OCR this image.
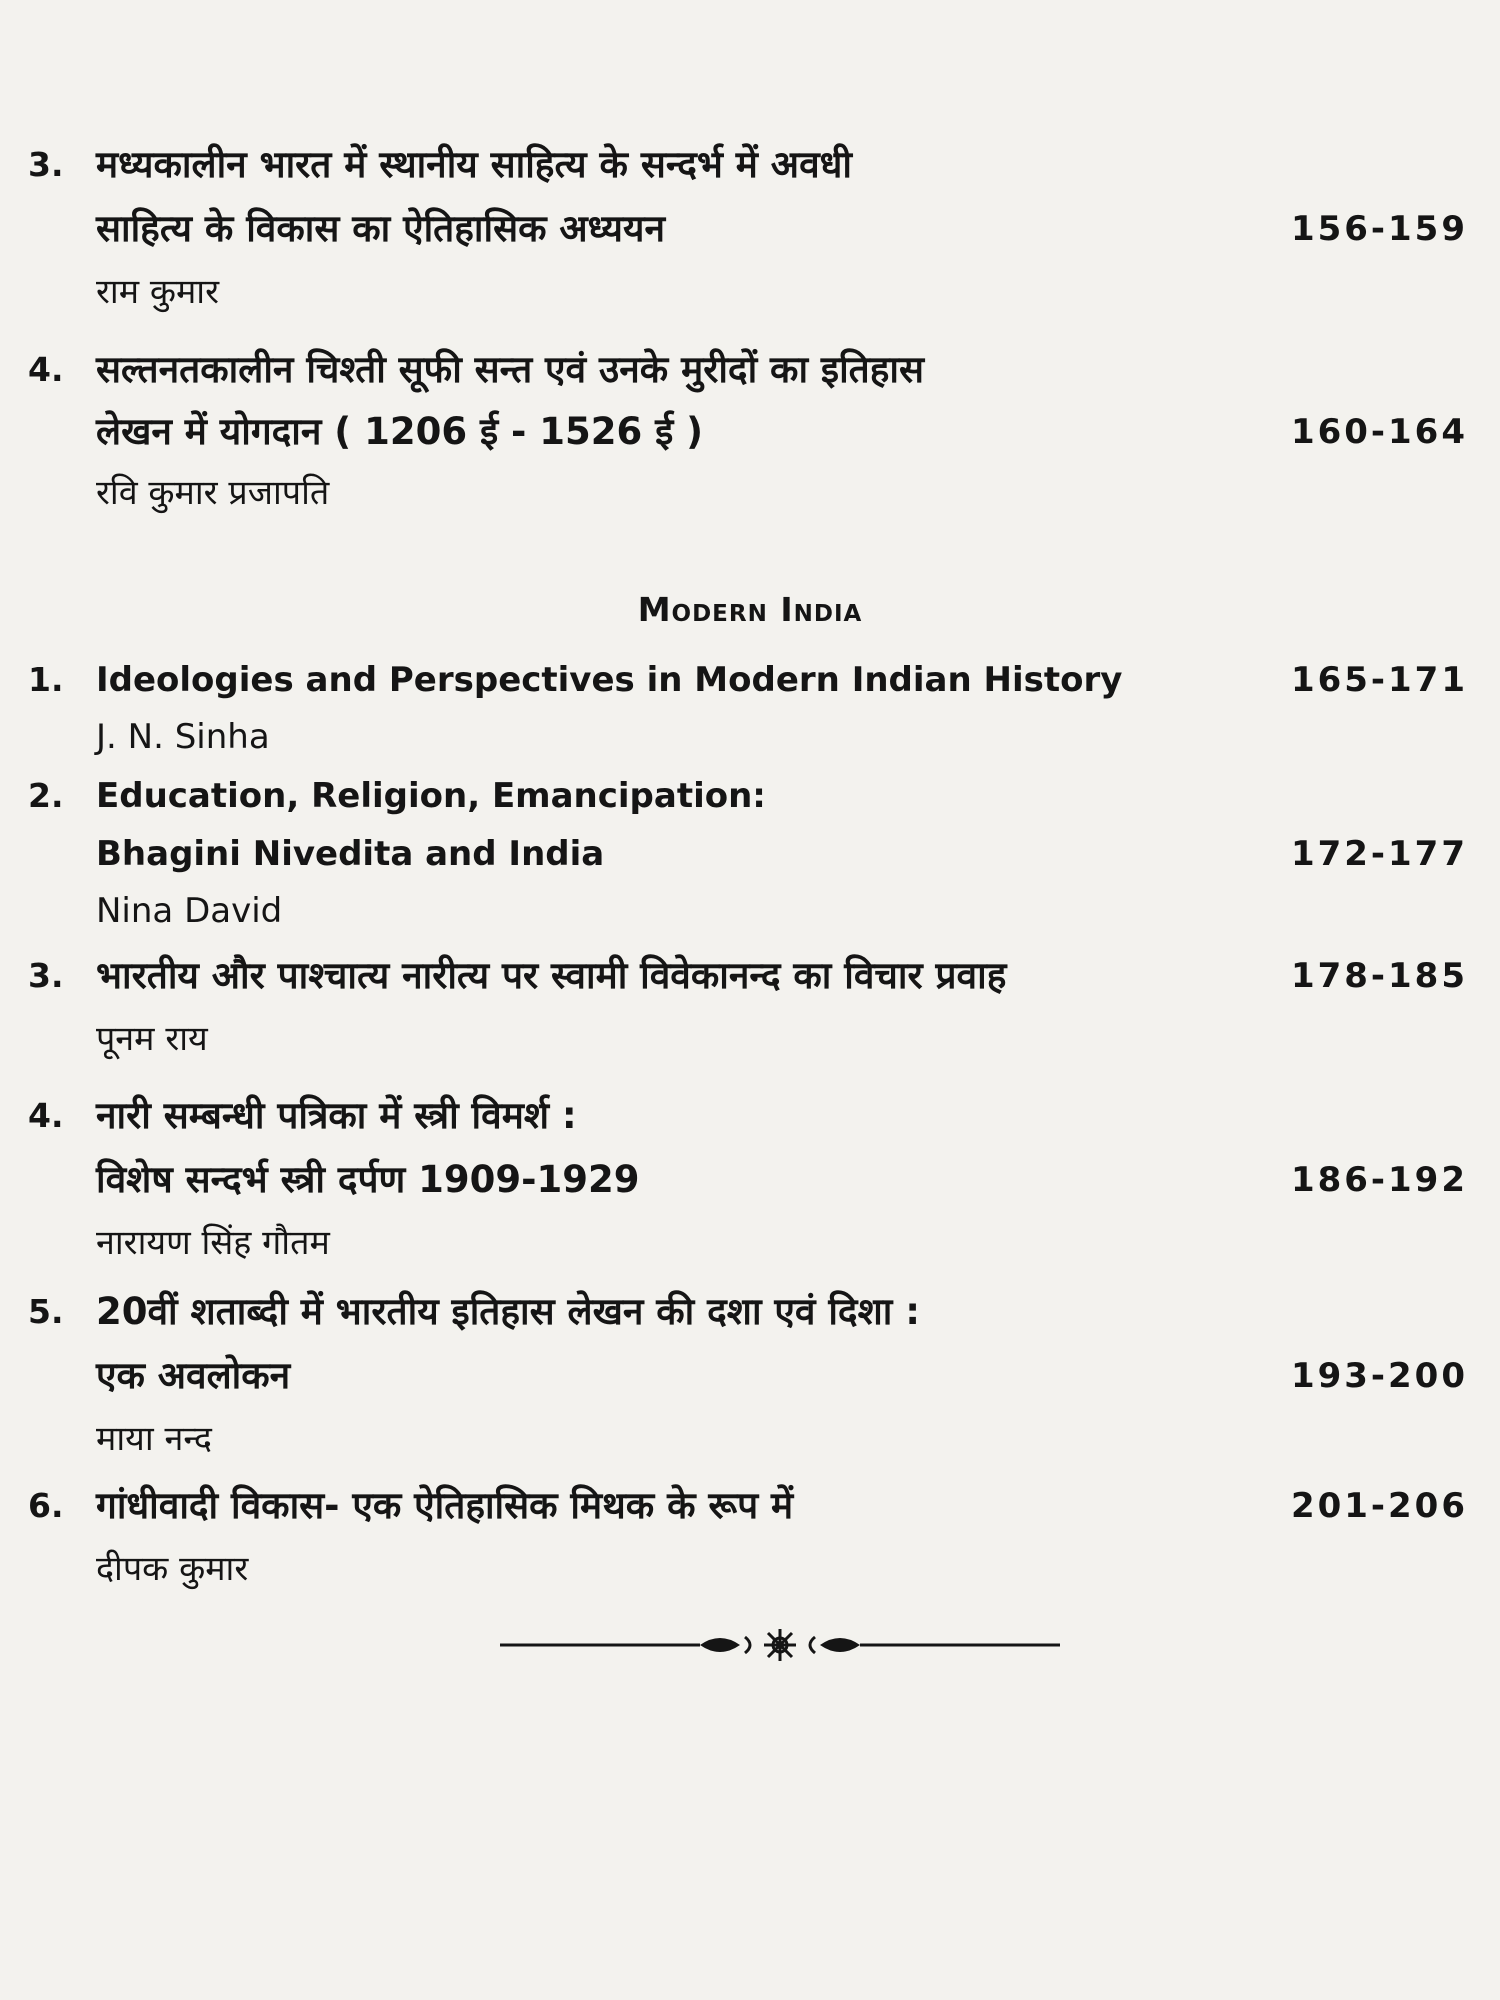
3. मध्यकालीन भारत में स्थानीय साहित्य के सन्दर्भ में अवधी
साहित्य के विकास का ऐतिहासिक अध्ययन	156-159
राम कुमार
4. सल्तनतकालीन चिश्ती सूफी सन्त एवं उनके मुरीदों का इतिहास
लेखन में योगदान ( 1206 ई - 1526 ई )	160-164
रवि कुमार प्रजापति
Modern India
1. Ideologies and Perspectives in Modern Indian History	165-171
J. N. Sinha
2. Education, Religion, Emancipation:
Bhagini Nivedita and India	172-177
Nina David
3. भारतीय और पाश्चात्य नारीत्य पर स्वामी विवेकानन्द का विचार प्रवाह	178-185
पूनम राय
4. नारी सम्बन्धी पत्रिका में स्त्री विमर्श :
विशेष सन्दर्भ स्त्री दर्पण 1909-1929	186-192
नारायण सिंह गौतम
5. 20वीं शताब्दी में भारतीय इतिहास लेखन की दशा एवं दिशा :
एक अवलोकन	193-200
माया नन्द
6. गांधीवादी विकास- एक ऐतिहासिक मिथक के रूप में	201-206
दीपक कुमार
